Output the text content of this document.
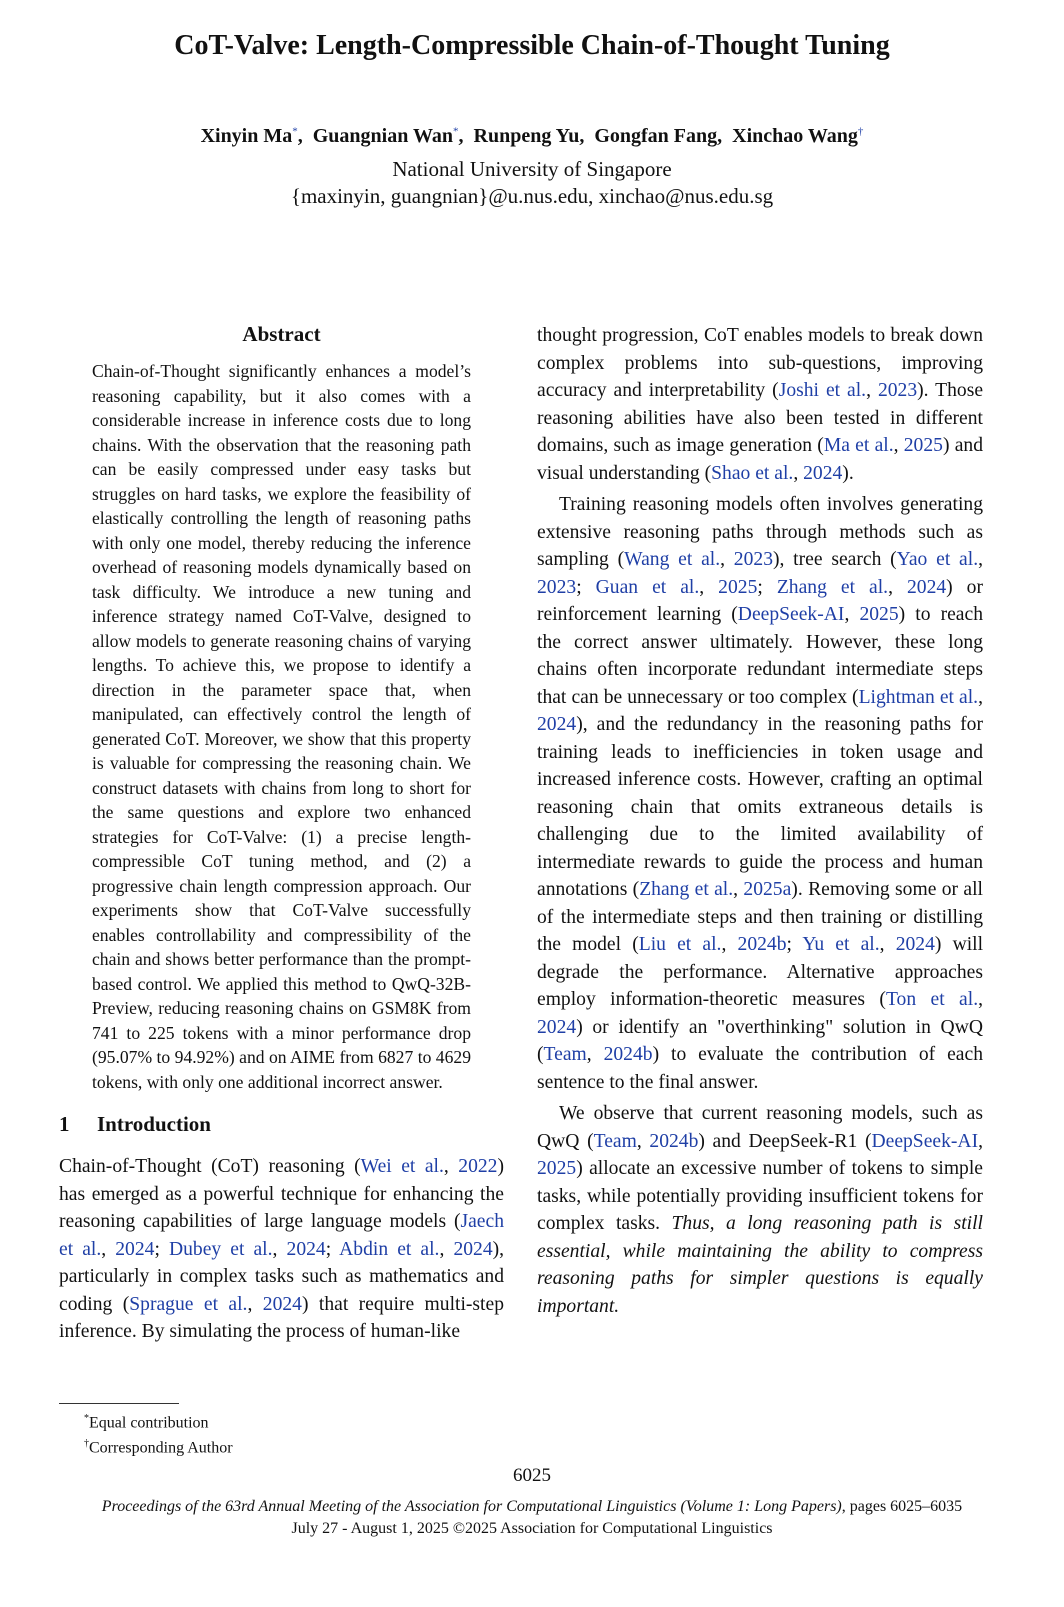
CoT-Valve: Length-Compressible Chain-of-Thought Tuning
Xinyin Ma*,  Guangnian Wan*,  Runpeng Yu,  Gongfan Fang,  Xinchao Wang†
National University of Singapore
{maxinyin, guangnian}@u.nus.edu, xinchao@nus.edu.sg
Abstract

Chain-of-Thought significantly enhances a model’s reasoning capability, but it also comes with a considerable increase in inference costs due to long chains. With the observation that the reasoning path can be easily compressed under easy tasks but struggles on hard tasks, we explore the feasibility of elastically controlling the length of reasoning paths with only one model, thereby reducing the inference overhead of reasoning models dynamically based on task difficulty. We introduce a new tuning and inference strategy named CoT-Valve, designed to allow models to generate reasoning chains of varying lengths. To achieve this, we propose to identify a direction in the parameter space that, when manipulated, can effectively control the length of generated CoT. Moreover, we show that this property is valuable for compressing the reasoning chain. We construct datasets with chains from long to short for the same questions and explore two enhanced strategies for CoT-Valve: (1) a precise length-compressible CoT tuning method, and (2) a progressive chain length compression approach. Our experiments show that CoT-Valve successfully enables controllability and compressibility of the chain and shows better performance than the prompt-based control. We applied this method to QwQ-32B-Preview, reducing reasoning chains on GSM8K from 741 to 225 tokens with a minor performance drop (95.07% to 94.92%) and on AIME from 6827 to 4629 tokens, with only one additional incorrect answer.

1 Introduction

Chain-of-Thought (CoT) reasoning (Wei et al., 2022) has emerged as a powerful technique for enhancing the reasoning capabilities of large language models (Jaech et al., 2024; Dubey et al., 2024; Abdin et al., 2024), particularly in complex tasks such as mathematics and coding (Sprague et al., 2024) that require multi-step inference. By simulating the process of human-like

thought progression, CoT enables models to break down complex problems into sub-questions, improving accuracy and interpretability (Joshi et al., 2023). Those reasoning abilities have also been tested in different domains, such as image generation (Ma et al., 2025) and visual understanding (Shao et al., 2024).

Training reasoning models often involves generating extensive reasoning paths through methods such as sampling (Wang et al., 2023), tree search (Yao et al., 2023; Guan et al., 2025; Zhang et al., 2024) or reinforcement learning (DeepSeek-AI, 2025) to reach the correct answer ultimately. However, these long chains often incorporate redundant intermediate steps that can be unnecessary or too complex (Lightman et al., 2024), and the redundancy in the reasoning paths for training leads to inefficiencies in token usage and increased inference costs. However, crafting an optimal reasoning chain that omits extraneous details is challenging due to the limited availability of intermediate rewards to guide the process and human annotations (Zhang et al., 2025a). Removing some or all of the intermediate steps and then training or distilling the model (Liu et al., 2024b; Yu et al., 2024) will degrade the performance. Alternative approaches employ information-theoretic measures (Ton et al., 2024) or identify an "overthinking" solution in QwQ (Team, 2024b) to evaluate the contribution of each sentence to the final answer.

We observe that current reasoning models, such as QwQ (Team, 2024b) and DeepSeek-R1 (DeepSeek-AI, 2025) allocate an excessive number of tokens to simple tasks, while potentially providing insufficient tokens for complex tasks. Thus, a long reasoning path is still essential, while maintaining the ability to compress reasoning paths for simpler questions is equally important.

*Equal contribution
†Corresponding Author
6025
Proceedings of the 63rd Annual Meeting of the Association for Computational Linguistics (Volume 1: Long Papers), pages 6025–6035
July 27 - August 1, 2025 ©2025 Association for Computational Linguistics
